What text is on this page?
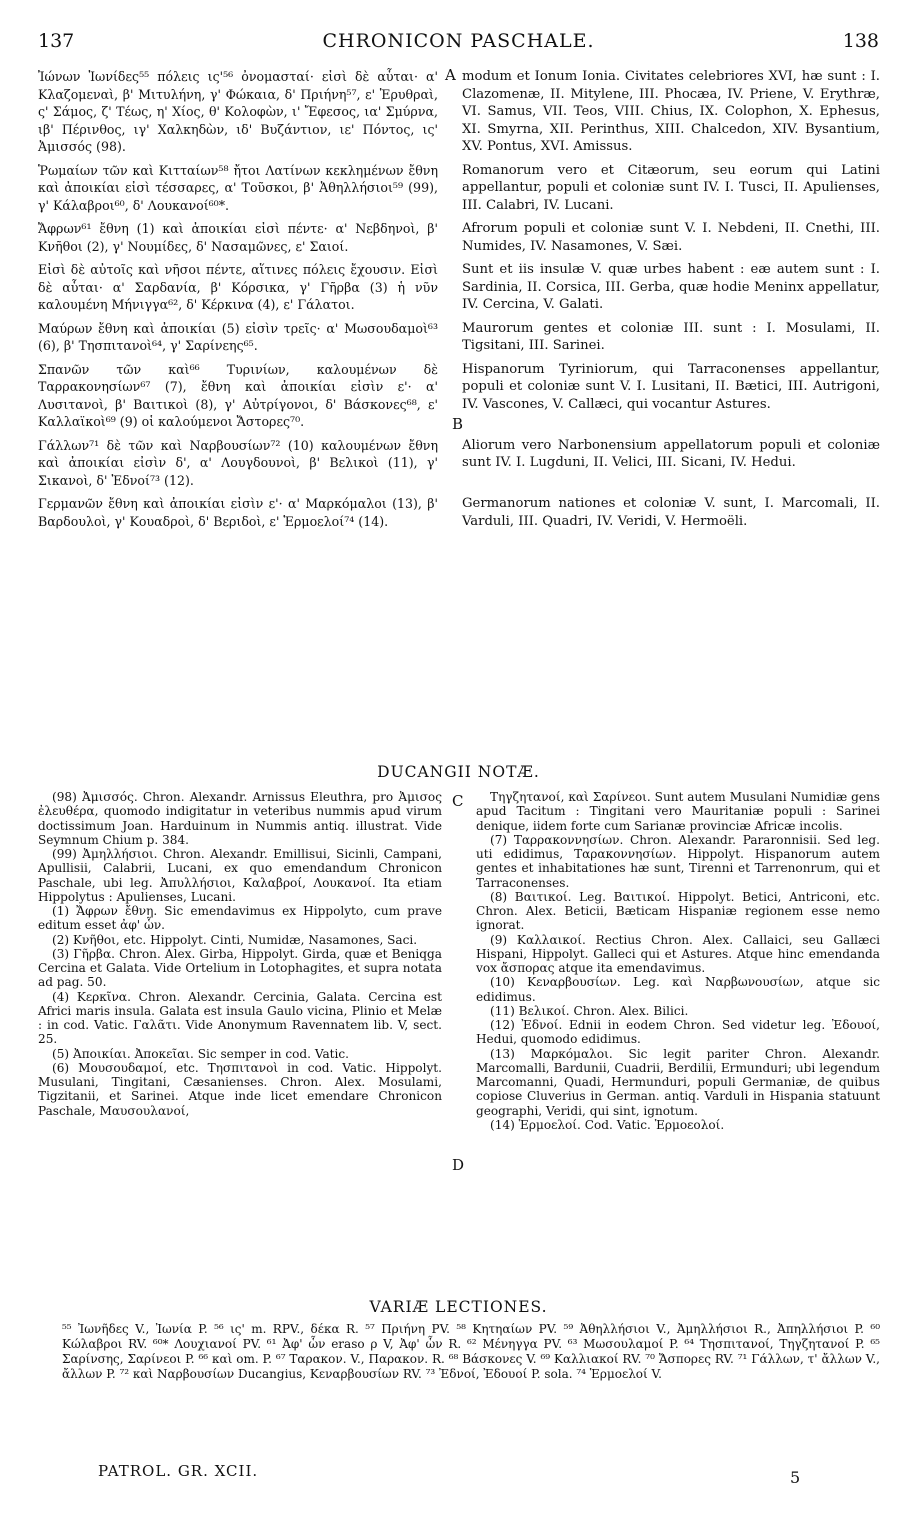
137	CHRONICON PASCHALE.	138
A
B
Ἰώνων Ἰωνίδες⁵⁵ πόλεις ις'⁵⁶ ὀνομασταί· εἰσὶ δὲ αὗται· α' Κλαζομεναὶ, β' Μιτυλήνη, γ' Φώκαια, δ' Πριήνη⁵⁷, ε' Ἐρυθραὶ, ς' Σάμος, ζ' Τέως, η' Χίος, θ' Κολοφὼν, ι' Ἔφεσος, ια' Σμύρνα, ιβ' Πέρινθος, ιγ' Χαλκηδὼν, ιδ' Βυζάντιον, ιε' Πόντος, ις' Ἀμισσός (98).
modum et Ionum Ionia. Civitates celebriores XVI, hæ sunt : I. Clazomenæ, II. Mitylene, III. Phocæa, IV. Priene, V. Erythræ, VI. Samus, VII. Teos, VIII. Chius, IX. Colophon, X. Ephesus, XI. Smyrna, XII. Perinthus, XIII. Chalcedon, XIV. Bysantium, XV. Pontus, XVI. Amissus.
Ῥωμαίων τῶν καὶ Κιτταίων⁵⁸ ἤτοι Λατίνων κεκλημένων ἔθνη καὶ ἀποικίαι εἰσὶ τέσσαρες, α' Τοῦσκοι, β' Ἀθηλλήσιοι⁵⁹ (99), γ' Κάλαβροι⁶⁰, δ' Λουκανοί⁶⁰*.
Romanorum vero et Citæorum, seu eorum qui Latini appellantur, populi et coloniæ sunt IV. I. Tusci, II. Apulienses, III. Calabri, IV. Lucani.
Ἄφρων⁶¹ ἔθνη (1) καὶ ἀποικίαι εἰσὶ πέντε· α' Νεβδηνοὶ, β' Κνῆθοι (2), γ' Νουμίδες, δ' Νασαμῶνες, ε' Σαιοί.
Afrorum populi et coloniæ sunt V. I. Nebdeni, II. Cnethi, III. Numides, IV. Nasamones, V. Sæi.
Εἰσὶ δὲ αὐτοῖς καὶ νῆσοι πέντε, αἵτινες πόλεις ἔχουσιν. Εἰσὶ δὲ αὗται· α' Σαρδανία, β' Κόρσικα, γ' Γῆρβα (3) ἡ νῦν καλουμένη Μήνιγγα⁶², δ' Κέρκινα (4), ε' Γάλατοι.
Sunt et iis insulæ V. quæ urbes habent : eæ autem sunt : I. Sardinia, II. Corsica, III. Gerba, quæ hodie Meninx appellatur, IV. Cercina, V. Galati.
Μαύρων ἔθνη καὶ ἀποικίαι (5) εἰσὶν τρεῖς· α' Μωσουδαμοὶ⁶³ (6), β' Τησπιτανοὶ⁶⁴, γ' Σαρίνεης⁶⁵.
Maurorum gentes et coloniæ III. sunt : I. Mosulami, II. Tigsitani, III. Sarinei.
Σπανῶν τῶν καὶ⁶⁶ Τυρινίων, καλουμένων δὲ Ταρρακονησίων⁶⁷ (7), ἔθνη καὶ ἀποικίαι εἰσὶν ε'· α' Λυσιτανοὶ, β' Βαιτικοὶ (8), γ' Αὐτρίγονοι, δ' Βάσκονες⁶⁸, ε' Καλλαϊκοὶ⁶⁹ (9) οἱ καλούμενοι Ἄστορες⁷⁰.
Hispanorum Tyriniorum, qui Tarraconenses appellantur, populi et coloniæ sunt V. I. Lusitani, II. Bætici, III. Autrigoni, IV. Vascones, V. Callæci, qui vocantur Astures.
Γάλλων⁷¹ δὲ τῶν καὶ Ναρβουσίων⁷² (10) καλουμένων ἔθνη καὶ ἀποικίαι εἰσὶν δ', α' Λουγδουνοὶ, β' Βελικοὶ (11), γ' Σικανοὶ, δ' Ἐδνοί⁷³ (12).
Aliorum vero Narbonensium appellatorum populi et coloniæ sunt IV. I. Lugduni, II. Velici, III. Sicani, IV. Hedui.
Γερμανῶν ἔθνη καὶ ἀποικίαι εἰσὶν ε'· α' Μαρκόμαλοι (13), β' Βαρδουλοὶ, γ' Κουαδροὶ, δ' Βεριδοὶ, ε' Ἑρμοελοί⁷⁴ (14).
Germanorum nationes et coloniæ V. sunt, I. Marcomali, II. Varduli, III. Quadri, IV. Veridi, V. Hermoëli.
DUCANGII NOTÆ.
C
D

(98) Ἀμισσός. Chron. Alexandr. Arnissus Eleuthra, pro Ἀμισος ἐλευθέρα, quomodo indigitatur in veteribus nummis apud virum doctissimum Joan. Harduinum in Nummis antiq. illustrat. Vide Seymnum Chium p. 384.

(99) Ἀμηλλήσιοι. Chron. Alexandr. Emillisui, Sicinli, Campani, Apullisii, Calabrii, Lucani, ex quo emendandum Chronicon Paschale, ubi leg. Ἀπυλλήσιοι, Καλαβροί, Λουκανοί. Ita etiam Hippolytus : Apulienses, Lucani.

(1) Ἄφρων ἔθνη. Sic emendavimus ex Hippolyto, cum prave editum esset ἀφ' ὧν.

(2) Κνῆθοι, etc. Hippolyt. Cinti, Numidæ, Nasamones, Saci.

(3) Γῆρβα. Chron. Alex. Girba, Hippolyt. Girda, quæ et Beniqga Cercina et Galata. Vide Ortelium in Lotophagites, et supra notata ad pag. 50.

(4) Κερκῖνα. Chron. Alexandr. Cercinia, Galata. Cercina est Africi maris insula. Galata est insula Gaulo vicina, Plinio et Melæ : in cod. Vatic. Γαλᾶτι. Vide Anonymum Ravennatem lib. V, sect. 25.

(5) Ἀποικίαι. Ἀποκεῖαι. Sic semper in cod. Vatic.

(6) Μουσουδαμοί, etc. Τησπιτανοὶ in cod. Vatic. Hippolyt. Musulani, Tingitani, Cæsanienses. Chron. Alex. Mosulami, Tigzitanii, et Sarinei. Atque inde licet emendare Chronicon Paschale, Μαυσουλανοί,

Τηγζητανοί, καὶ Σαρίνεοι. Sunt autem Musulani Numidiæ gens apud Tacitum : Tingitani vero Mauritaniæ populi : Sarinei denique, iidem forte cum Sarianæ provinciæ Africæ incolis.

(7) Ταρρακοννησίων. Chron. Alexandr. Pararonnisii. Sed leg. uti edidimus, Ταρακοννησίων. Hippolyt. Hispanorum autem gentes et inhabitationes hæ sunt, Tirenni et Tarrenonrum, qui et Tarraconenses.

(8) Βαιτικοί. Leg. Βαιτικοί. Hippolyt. Betici, Antriconi, etc. Chron. Alex. Beticii, Bæticam Hispaniæ regionem esse nemo ignorat.

(9) Καλλαικοί. Rectius Chron. Alex. Callaici, seu Gallæci Hispani, Hippolyt. Galleci qui et Astures. Atque hinc emendanda vox ἄσπορας atque ita emendavimus.

(10) Κεναρβουσίων. Leg. καὶ Ναρβωνουσίων, atque sic edidimus.

(11) Βελικοί. Chron. Alex. Bilici.

(12) Ἐδνοί. Ednii in eodem Chron. Sed videtur leg. Ἐδουοί, Hedui, quomodo edidimus.

(13) Μαρκόμαλοι. Sic legit pariter Chron. Alexandr. Marcomalli, Bardunii, Cuadrii, Berdilii, Ermunduri; ubi legendum Marcomanni, Quadi, Hermunduri, populi Germaniæ, de quibus copiose Cluverius in German. antiq. Varduli in Hispania statuunt geographi, Veridi, qui sint, ignotum.

(14) Ἑρμοελοί. Cod. Vatic. Ἑρμοεολοί.

VARIÆ LECTIONES.
⁵⁵ Ἰωνῆδες V., Ἰωνία P. ⁵⁶ ις' m. RPV., δέκα R. ⁵⁷ Πριήνη PV. ⁵⁸ Κητηαίων PV. ⁵⁹ Ἀθηλλήσιοι V., Ἀμηλλήσιοι R., Ἀπηλλήσιοι P. ⁶⁰ Κώλαβροι RV. ⁶⁰* Λουχιανοί PV. ⁶¹ Ἀφ' ὧν eraso ρ V, Ἀφ' ὧν R. ⁶² Μένηγγα PV. ⁶³ Μωσουλαμοί P. ⁶⁴ Τησπιτανοί, Τηγζητανοί P. ⁶⁵ Σαρίνσης, Σαρίνεοι P. ⁶⁶ καὶ om. P. ⁶⁷ Ταρακον. V., Παρακον. R. ⁶⁸ Βάσκονες V. ⁶⁹ Καλλιακοί RV. ⁷⁰ Ἄσπορες RV. ⁷¹ Γάλλων, τ' ἄλλων V., ἄλλων P. ⁷² καὶ Ναρβουσίων Ducangius, Κεναρβουσίων RV. ⁷³ Ἐδνοί, Ἐδουοί P. sola. ⁷⁴ Ἑρμοελοί V.
PATROL. GR. XCII.	5
